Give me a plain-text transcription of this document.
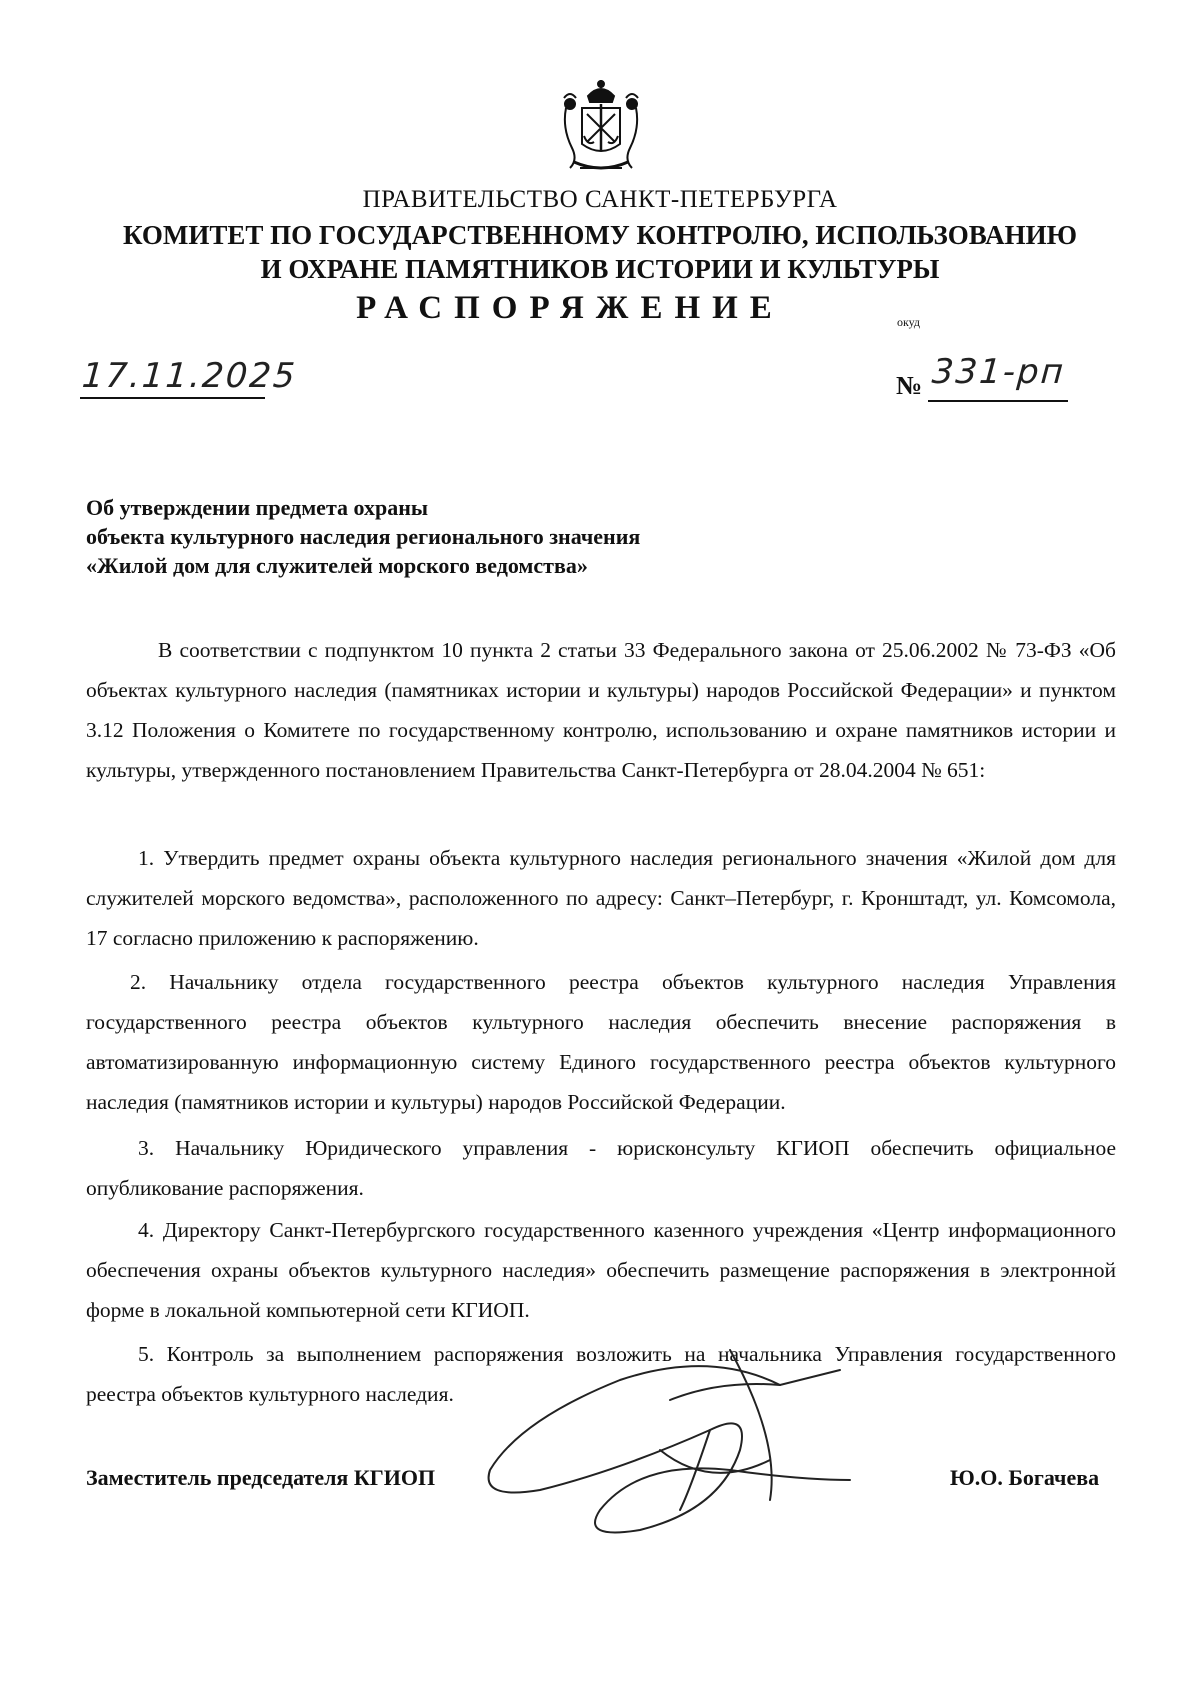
ПРАВИТЕЛЬСТВО САНКТ-ПЕТЕРБУРГА
КОМИТЕТ ПО ГОСУДАРСТВЕННОМУ КОНТРОЛЮ, ИСПОЛЬЗОВАНИЮ
И ОХРАНЕ ПАМЯТНИКОВ ИСТОРИИ И КУЛЬТУРЫ
РАСПОРЯЖЕНИЕ	окуд
17.11.2025	№ 331-рп
Об утверждении предмета охраны
объекта культурного наследия регионального значения
«Жилой дом для служителей морского ведомства»
В соответствии с подпунктом 10 пункта 2 статьи 33 Федерального закона от 25.06.2002 № 73-ФЗ «Об объектах культурного наследия (памятниках истории и культуры) народов Российской Федерации» и пунктом 3.12 Положения о Комитете по государственному контролю, использованию и охране памятников истории и культуры, утвержденного постановлением Правительства Санкт-Петербурга от 28.04.2004 № 651:
1. Утвердить предмет охраны объекта культурного наследия регионального значения «Жилой дом для служителей морского ведомства», расположенного по адресу: Санкт–Петербург, г. Кронштадт, ул. Комсомола, 17 согласно приложению к распоряжению.
2. Начальнику отдела государственного реестра объектов культурного наследия Управления государственного реестра объектов культурного наследия обеспечить внесение распоряжения в автоматизированную информационную систему Единого государственного реестра объектов культурного наследия (памятников истории и культуры) народов Российской Федерации.
3. Начальнику Юридического управления - юрисконсульту КГИОП обеспечить официальное опубликование распоряжения.
4. Директору Санкт-Петербургского государственного казенного учреждения «Центр информационного обеспечения охраны объектов культурного наследия» обеспечить размещение распоряжения в электронной форме в локальной компьютерной сети КГИОП.
5. Контроль за выполнением распоряжения возложить на начальника Управления государственного реестра объектов культурного наследия.
Заместитель председателя КГИОП	Ю.О. Богачева
